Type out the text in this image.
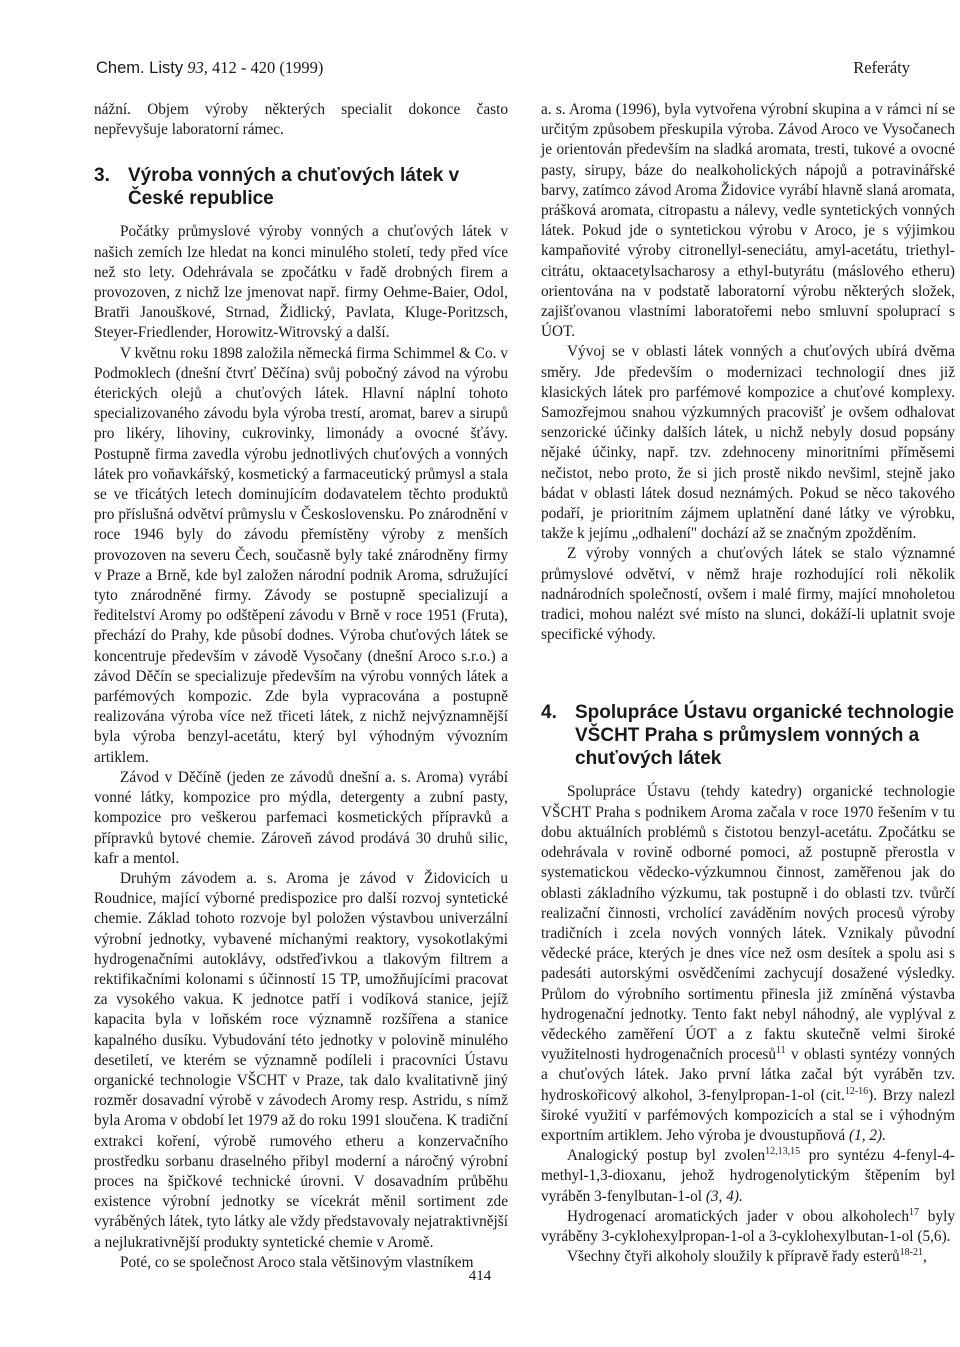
Chem. Listy 93, 412 - 420 (1999)	Referáty

nážní. Objem výroby některých specialit dokonce často nepřevyšuje laboratorní rámec.

3. Výroba vonných a chuťových látek v České republice

Počátky průmyslové výroby vonných a chuťových látek v našich zemích lze hledat na konci minulého století, tedy před více než sto lety. Odehrávala se zpočátku v řadě drobných firem a provozoven, z nichž lze jmenovat např. firmy Oehme-Baier, Odol, Bratři Janouškové, Strnad, Židlický, Pavlata, Kluge-Poritzsch, Steyer-Friedlender, Horowitz-Witrovský a další.

V květnu roku 1898 založila německá firma Schimmel & Co. v Podmoklech (dnešní čtvrť Děčína) svůj pobočný závod na výrobu éterických olejů a chuťových látek. Hlavní náplní tohoto specializovaného závodu byla výroba trestí, aromat, barev a sirupů pro likéry, lihoviny, cukrovinky, limonády a ovocné šťávy. Postupně firma zavedla výrobu jednotlivých chuťových a vonných látek pro voňavkářský, kosmetický a farmaceutický průmysl a stala se ve třicátých letech dominujícím dodavatelem těchto produktů pro příslušná odvětví průmyslu v Československu. Po znárodnění v roce 1946 byly do závodu přemístěny výroby z menších provozoven na severu Čech, současně byly také znárodněny firmy v Praze a Brně, kde byl založen národní podnik Aroma, sdružující tyto znárodněné firmy. Závody se postupně specializují a ředitelství Aromy po odštěpení závodu v Brně v roce 1951 (Fruta), přechází do Prahy, kde působí dodnes. Výroba chuťových látek se koncentruje především v závodě Vysočany (dnešní Aroco s.r.o.) a závod Děčín se specializuje především na výrobu vonných látek a parfémových kompozic. Zde byla vypracována a postupně realizována výroba více než třiceti látek, z nichž nejvýznamnější byla výroba benzyl-acetátu, který byl výhodným vývozním artiklem.

Závod v Děčíně (jeden ze závodů dnešní a. s. Aroma) vyrábí vonné látky, kompozice pro mýdla, detergenty a zubní pasty, kompozice pro veškerou parfemaci kosmetických přípravků a přípravků bytové chemie. Zároveň závod prodává 30 druhů silic, kafr a mentol.

Druhým závodem a. s. Aroma je závod v Židovicích u Roudnice, mající výborné predispozice pro další rozvoj syntetické chemie. Základ tohoto rozvoje byl položen výstavbou univerzální výrobní jednotky, vybavené míchanými reaktory, vysokotlakými hydrogenačními autoklávy, odstřeďivkou a tlakovým filtrem a rektifikačními kolonami s účinností 15 TP, umožňujícími pracovat za vysokého vakua. K jednotce patří i vodíková stanice, jejíž kapacita byla v loňském roce významně rozšířena a stanice kapalného dusíku. Vybudování této jednotky v polovině minulého desetiletí, ve kterém se významně podíleli i pracovníci Ústavu organické technologie VŠCHT v Praze, tak dalo kvalitativně jiný rozměr dosavadní výrobě v závodech Aromy resp. Astridu, s nímž byla Aroma v období let 1979 až do roku 1991 sloučena. K tradiční extrakci koření, výrobě rumového etheru a konzervačního prostředku sorbanu draselného přibyl moderní a náročný výrobní proces na špičkové technické úrovni. V dosavadním průběhu existence výrobní jednotky se vícekrát měnil sortiment zde vyráběných látek, tyto látky ale vždy představovaly nejatraktivnější a nejlukrativnější produkty syntetické chemie v Aromě.

Poté, co se společnost Aroco stala většinovým vlastníkem

a. s. Aroma (1996), byla vytvořena výrobní skupina a v rámci ní se určitým způsobem přeskupila výroba. Závod Aroco ve Vysočanech je orientován především na sladká aromata, tresti, tukové a ovocné pasty, sirupy, báze do nealkoholických nápojů a potravinářské barvy, zatímco závod Aroma Židovice vyrábí hlavně slaná aromata, prášková aromata, citropastu a nálevy, vedle syntetických vonných látek. Pokud jde o syntetickou výrobu v Aroco, je s výjimkou kampaňovité výroby citronellyl-seneciátu, amyl-acetátu, triethyl-citrátu, oktaacetylsacharosy a ethyl-butyrátu (máslového etheru) orientována na v podstatě laboratorní výrobu některých složek, zajišťovanou vlastními laboratořemi nebo smluvní spoluprací s ÚOT.

Vývoj se v oblasti látek vonných a chuťových ubírá dvěma směry. Jde především o modernizaci technologií dnes již klasických látek pro parfémové kompozice a chuťové komplexy. Samozřejmou snahou výzkumných pracovišť je ovšem odhalovat senzorické účinky dalších látek, u nichž nebyly dosud popsány nějaké účinky, např. tzv. zdehnoceny minoritními příměsemi nečistot, nebo proto, že si jich prostě nikdo nevšiml, stejně jako bádat v oblasti látek dosud neznámých. Pokud se něco takového podaří, je prioritním zájmem uplatnění dané látky ve výrobku, takže k jejímu „odhalení" dochází až se značným zpožděním.

Z výroby vonných a chuťových látek se stalo významné průmyslové odvětví, v němž hraje rozhodující roli několik nadnárodních společností, ovšem i malé firmy, mající mnoholetou tradici, mohou nalézt své místo na slunci, dokáží-li uplatnit svoje specifické výhody.

4. Spolupráce Ústavu organické technologie VŠCHT Praha s průmyslem vonných a chuťových látek

Spolupráce Ústavu (tehdy katedry) organické technologie VŠCHT Praha s podnikem Aroma začala v roce 1970 řešením v tu dobu aktuálních problémů s čistotou benzyl-acetátu. Zpočátku se odehrávala v rovině odborné pomoci, až postupně přerostla v systematickou vědecko-výzkumnou činnost, zaměřenou jak do oblasti základního výzkumu, tak postupně i do oblasti tzv. tvůrčí realizační činnosti, vrcholící zaváděním nových procesů výroby tradičních i zcela nových vonných látek. Vznikaly původní vědecké práce, kterých je dnes více než osm desítek a spolu asi s padesáti autorskými osvědčeními zachycují dosažené výsledky. Průlom do výrobního sortimentu přinesla již zmíněná výstavba hydrogenační jednotky. Tento fakt nebyl náhodný, ale vyplýval z vědeckého zaměření ÚOT a z faktu skutečně velmi široké využitelnosti hydrogenačních procesů$^{11}$ v oblasti syntézy vonných a chuťových látek. Jako první látka začal být vyráběn tzv. hydroskořicový alkohol, 3-fenylpropan-1-ol (cit.$^{12-16}$). Brzy nalezl široké využití v parfémových kompozicích a stal se i výhodným exportním artiklem. Jeho výroba je dvoustupňová (1, 2).

Analogický postup byl zvolen$^{12,13,15}$ pro syntézu 4-fenyl-4-methyl-1,3-dioxanu, jehož hydrogenolytickým štěpením byl vyráběn 3-fenylbutan-1-ol (3, 4).

Hydrogenací aromatických jader v obou alkoholech$^{17}$ byly vyráběny 3-cyklohexylpropan-1-ol a 3-cyklohexylbutan-1-ol (5,6).

Všechny čtyři alkoholy sloužily k přípravě řady esterů$^{18-21}$,

414
